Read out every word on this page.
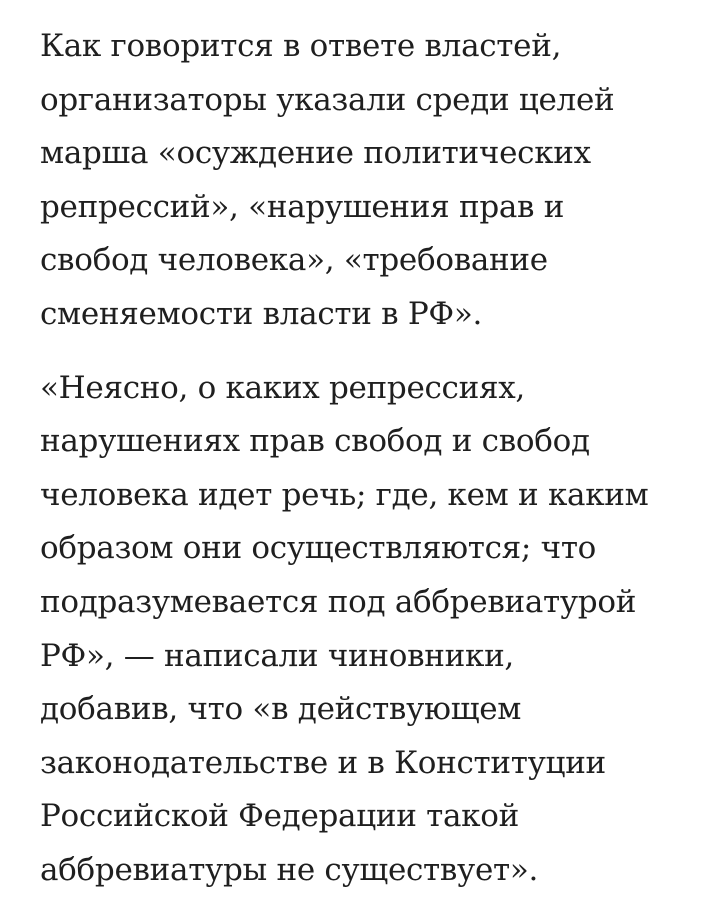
Как говорится в ответе властей,
организаторы указали среди целей
марша «осуждение политических
репрессий», «нарушения прав и
свобод человека», «требование
сменяемости власти в РФ».

«Неясно, о каких репрессиях,
нарушениях прав свобод и свобод
человека идет речь; где, кем и каким
образом они осуществляются; что
подразумевается под аббревиатурой
РФ», — написали чиновники,
добавив, что «в действующем
законодательстве и в Конституции
Российской Федерации такой
аббревиатуры не существует».
